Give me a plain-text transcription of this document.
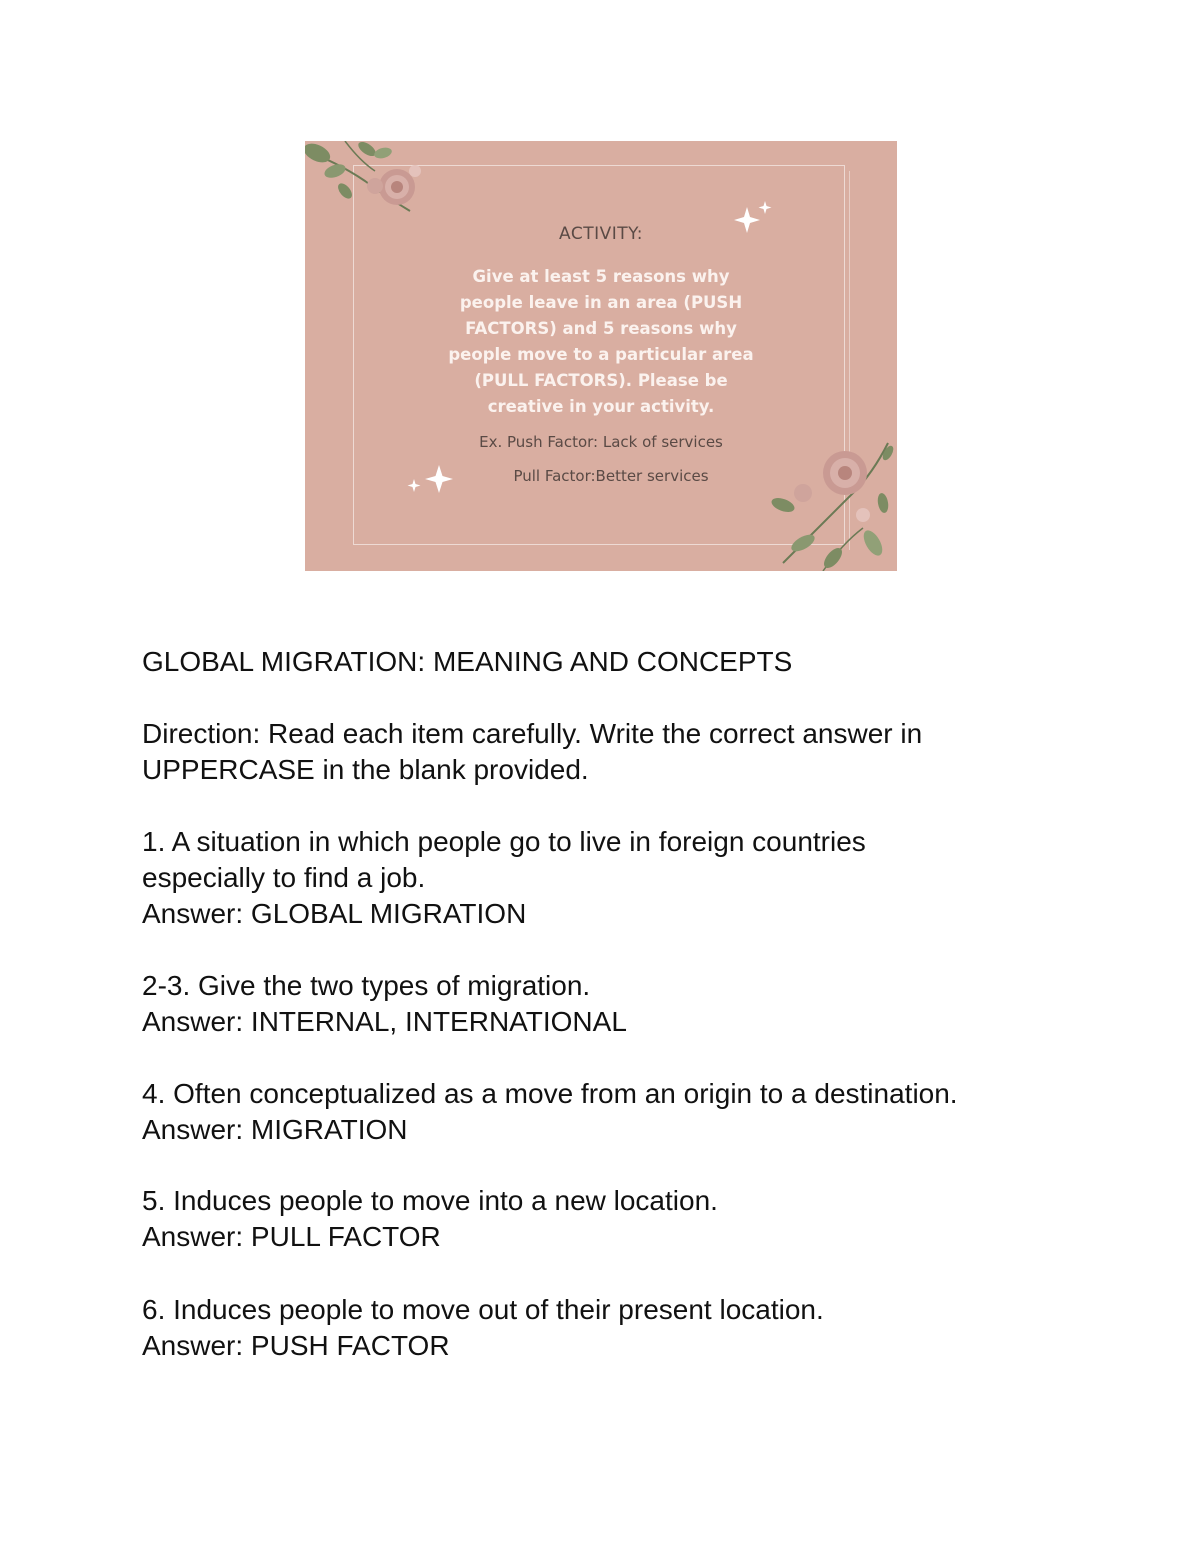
ACTIVITY:
Give at least 5 reasons why
people leave in an area (PUSH
FACTORS) and 5 reasons why
people move to a particular area
(PULL FACTORS). Please be
creative in your activity.
Ex. Push Factor: Lack of services
Pull Factor:Better services

GLOBAL MIGRATION: MEANING AND CONCEPTS

Direction: Read each item carefully. Write the correct answer in

UPPERCASE in the blank provided.

1. A situation in which people go to live in foreign countries

especially to find a job.

Answer: GLOBAL MIGRATION

2-3. Give the two types of migration.

Answer: INTERNAL, INTERNATIONAL

4. Often conceptualized as a move from an origin to a destination.

Answer: MIGRATION

5. Induces people to move into a new location.

Answer: PULL FACTOR

6. Induces people to move out of their present location.

Answer: PUSH FACTOR
